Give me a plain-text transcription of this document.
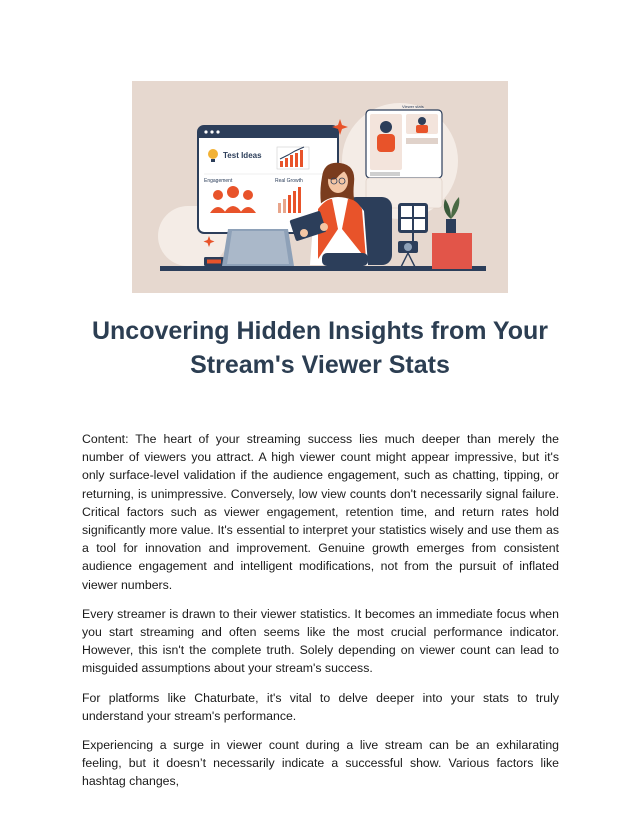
Test Ideas
Engagement	Real Growth
Viewer stats
Uncovering Hidden Insights from Your Stream's Viewer Stats

Content: The heart of your streaming success lies much deeper than merely the number of viewers you attract. A high viewer count might appear impressive, but it's only surface-level validation if the audience engagement, such as chatting, tipping, or returning, is unimpressive. Conversely, low view counts don't necessarily signal failure. Critical factors such as viewer engagement, retention time, and return rates hold significantly more value. It's essential to interpret your statistics wisely and use them as a tool for innovation and improvement. Genuine growth emerges from consistent audience engagement and intelligent modifications, not from the pursuit of inflated viewer numbers.

Every streamer is drawn to their viewer statistics. It becomes an immediate focus when you start streaming and often seems like the most crucial performance indicator. However, this isn't the complete truth. Solely depending on viewer count can lead to misguided assumptions about your stream's success.

For platforms like Chaturbate, it's vital to delve deeper into your stats to truly understand your stream's performance.

Experiencing a surge in viewer count during a live stream can be an exhilarating feeling, but it doesn’t necessarily indicate a successful show. Various factors like hashtag changes,
